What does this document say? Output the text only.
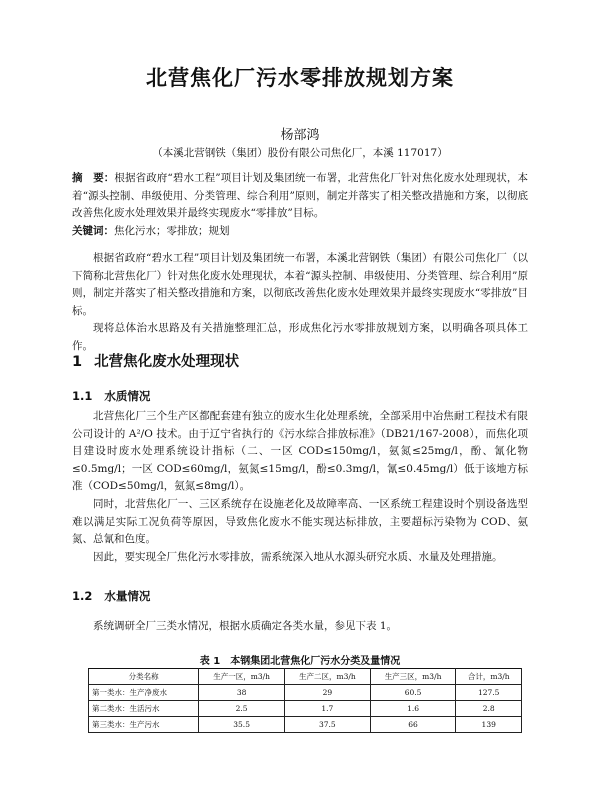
北营焦化厂污水零排放规划方案
杨部鸿
（本溪北营钢铁（集团）股份有限公司焦化厂，本溪 117017）
摘　要：根据省政府“碧水工程”项目计划及集团统一布署，北营焦化厂针对焦化废水处理现状，本着“源头控制、串级使用、分类管理、综合利用”原则，制定并落实了相关整改措施和方案，以彻底改善焦化废水处理效果并最终实现废水“零排放”目标。
关键词：焦化污水；零排放；规划

根据省政府“碧水工程”项目计划及集团统一布署，本溪北营钢铁（集团）有限公司焦化厂（以下简称北营焦化厂）针对焦化废水处理现状，本着“源头控制、串级使用、分类管理、综合利用”原则，制定并落实了相关整改措施和方案，以彻底改善焦化废水处理效果并最终实现废水“零排放”目标。

现将总体治水思路及有关措施整理汇总，形成焦化污水零排放规划方案，以明确各项具体工作。

1 北营焦化废水处理现状
1.1 水质情况

北营焦化厂三个生产区都配套建有独立的废水生化处理系统，全部采用中冶焦耐工程技术有限公司设计的 A²/O 技术。由于辽宁省执行的《污水综合排放标准》（DB21/167-2008），而焦化项目建设时废水处理系统设计指标（二、一区 COD≤150mg/l，氨氮≤25mg/l，酚、氰化物≤0.5mg/l；一区 COD≤60mg/l，氨氮≤15mg/l，酚≤0.3mg/l，氰≤0.45mg/l）低于该地方标准（COD≤50mg/l，氨氮≤8mg/l）。

同时，北营焦化厂一、三区系统存在设施老化及故障率高、一区系统工程建设时个别设备选型难以满足实际工况负荷等原因，导致焦化废水不能实现达标排放，主要超标污染物为 COD、氨氮、总氰和色度。

因此，要实现全厂焦化污水零排放，需系统深入地从水源头研究水质、水量及处理措施。

1.2 水量情况

系统调研全厂三类水情况，根据水质确定各类水量，参见下表 1。

表 1　本钢集团北营焦化厂污水分类及量情况
分类名称	生产一区，m3/h	生产二区，m3/h	生产三区，m3/h	合计，m3/h
第一类水：生产净废水	38	29	60.5	127.5
第二类水：生活污水	2.5	1.7	1.6	2.8
第三类水：生产污水	35.5	37.5	66	139
